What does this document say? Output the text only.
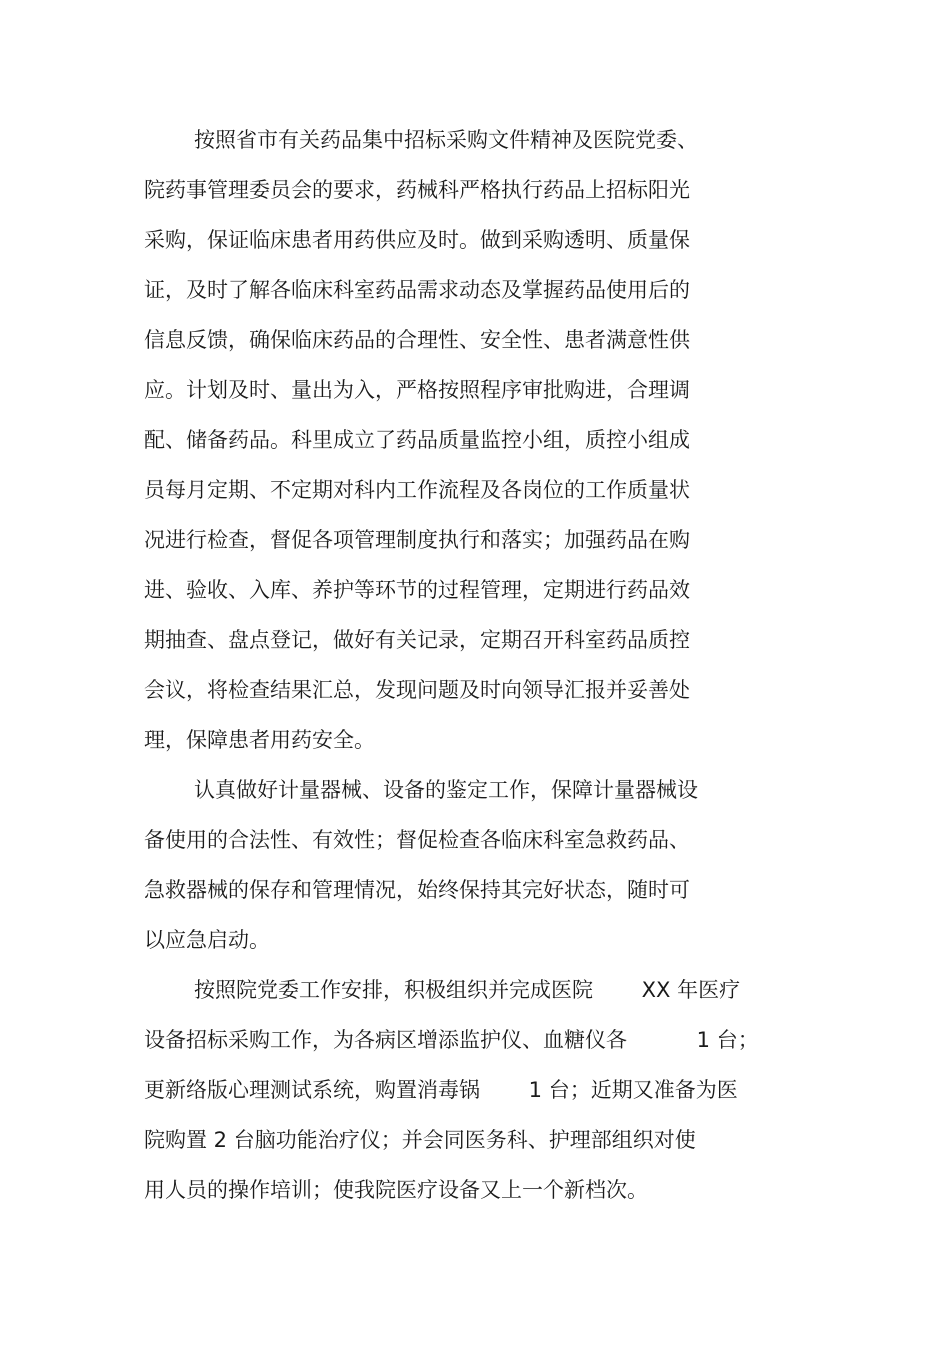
按照省市有关药品集中招标采购文件精神及医院党委、
院药事管理委员会的要求，药械科严格执行药品上招标阳光
采购，保证临床患者用药供应及时。做到采购透明、质量保
证，及时了解各临床科室药品需求动态及掌握药品使用后的
信息反馈，确保临床药品的合理性、安全性、患者满意性供
应。计划及时、量出为入，严格按照程序审批购进，合理调
配、储备药品。科里成立了药品质量监控小组，质控小组成
员每月定期、不定期对科内工作流程及各岗位的工作质量状
况进行检查，督促各项管理制度执行和落实；加强药品在购
进、验收、入库、养护等环节的过程管理，定期进行药品效
期抽查、盘点登记，做好有关记录，定期召开科室药品质控
会议，将检查结果汇总，发现问题及时向领导汇报并妥善处
理，保障患者用药安全。
认真做好计量器械、设备的鉴定工作，保障计量器械设
备使用的合法性、有效性；督促检查各临床科室急救药品、
急救器械的保存和管理情况，始终保持其完好状态，随时可
以应急启动。
按照院党委工作安排，积极组织并完成医院　　 XX 年医疗
设备招标采购工作，为各病区增添监护仪、血糖仪各　　　 1 台；
更新络版心理测试系统，购置消毒锅　　 1 台；近期又准备为医
院购置 2 台脑功能治疗仪；并会同医务科、护理部组织对使
用人员的操作培训；使我院医疗设备又上一个新档次。
